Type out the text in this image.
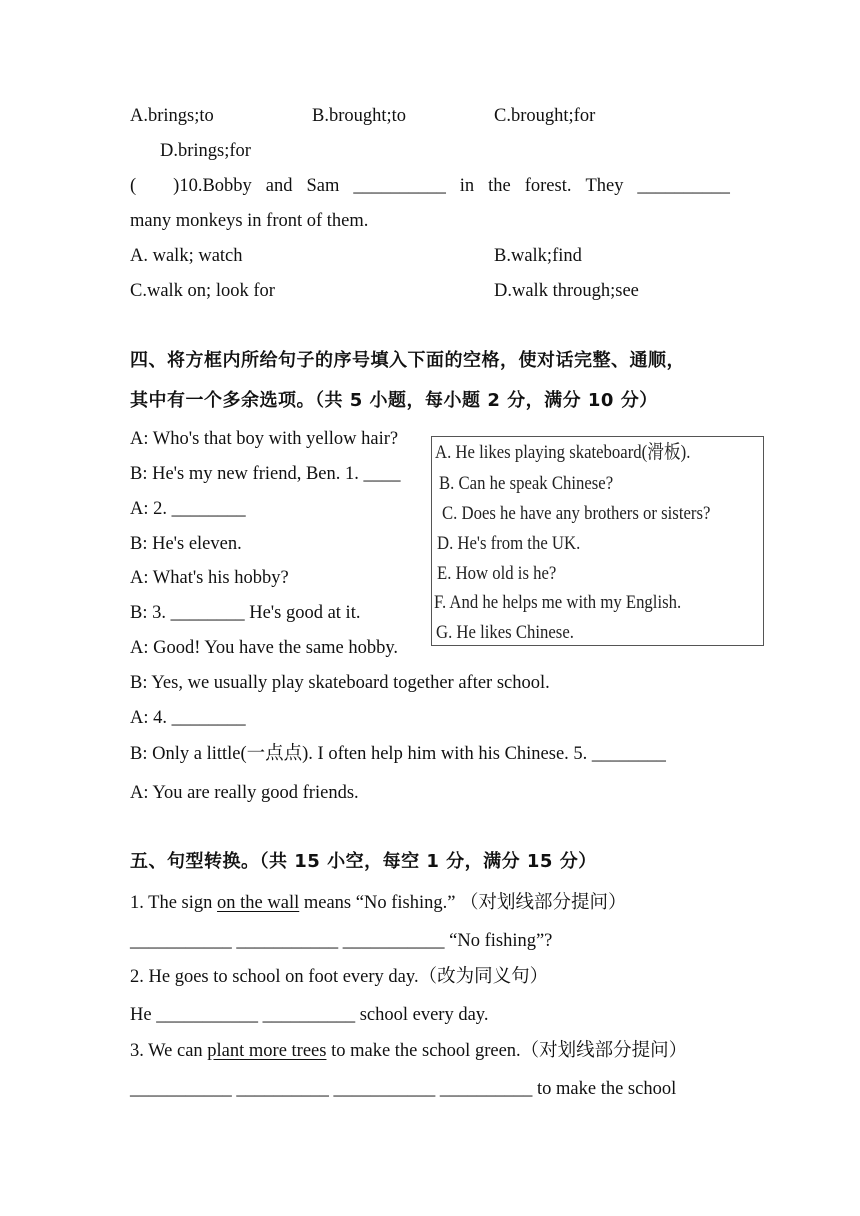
A.brings;to	B.brought;to	C.brought;for
D.brings;for
(        )10.Bobby and Sam __________ in the forest. They __________
many monkeys in front of them.
A. walk; watch	B.walk;find
C.walk on; look for	D.walk through;see
四、将方框内所给句子的序号填入下面的空格，使对话完整、通顺，
其中有一个多余选项。（共 5 小题，每小题 2 分，满分 10 分）
A: Who's that boy with yellow hair?
B: He's my new friend, Ben. 1. ____
A: 2. ________
B: He's eleven.
A: What's his hobby?
B: 3. ________ He's good at it.
A: Good! You have the same hobby.
B: Yes, we usually play skateboard together after school.
A: 4. ________
B: Only a little(一点点). I often help him with his Chinese. 5. ________
A: You are really good friends.
A. He likes playing skateboard(滑板).
B. Can he speak Chinese?
C. Does he have any brothers or sisters?
D. He's from the UK.
E. How old is he?
F. And he helps me with my English.
G. He likes Chinese.
五、句型转换。（共 15 小空，每空 1 分，满分 15 分）
1. The sign on the wall means “No fishing.” （对划线部分提问）
___________ ___________ ___________ “No fishing”?
2. He goes to school on foot every day.（改为同义句）
He ___________ __________ school every day.
3. We can plant more trees to make the school green.（对划线部分提问）
___________ __________ ___________ __________ to make the school
